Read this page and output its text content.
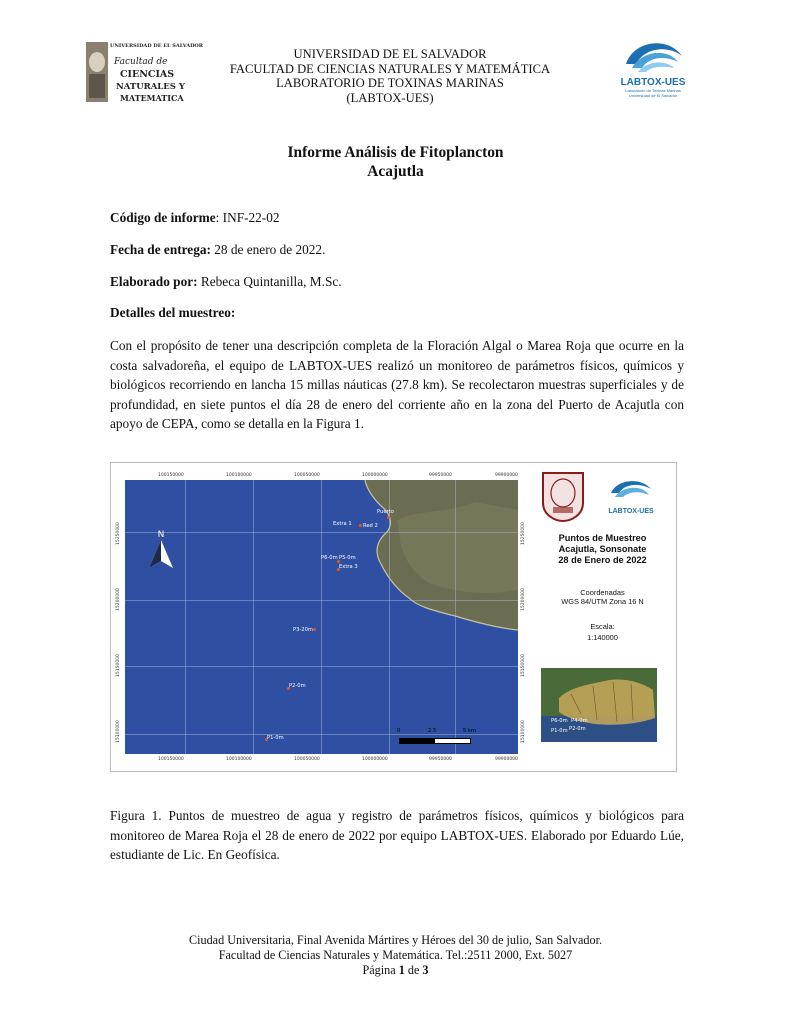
UNIVERSIDAD DE EL SALVADOR
Facultad de
CIENCIAS
NATURALES Y
MATEMATICA
UNIVERSIDAD DE EL SALVADOR
FACULTAD DE CIENCIAS NATURALES Y MATEMÁTICA
LABORATORIO DE TOXINAS MARINAS
(LABTOX-UES)
LABTOX-UES
Laboratorio de Toxinas Marinas
Universidad de El Salvador
Informe Análisis de Fitoplancton
Acajutla
Código de informe: INF-22-02
Fecha de entrega: 28 de enero de 2022.
Elaborado por: Rebeca Quintanilla, M.Sc.
Detalles del muestreo:
Con el propósito de tener una descripción completa de la Floración Algal o Marea Roja que ocurre en la costa salvadoreña, el equipo de LABTOX-UES realizó un monitoreo de parámetros físicos, químicos y biológicos recorriendo en lancha 15 millas náuticas (27.8 km). Se recolectaron muestras superficiales y de profundidad, en siete puntos el día 28 de enero del corriente año en la zona del Puerto de Acajutla con apoyo de CEPA, como se detalla en la Figura 1.
100150000	100100000	100050000	100000000	99950000	99900000
100150000	100100000	100050000	100000000	99950000	99900000
15250000
15200000
15150000
15100000
15250000
15200000
15150000
15100000
N
Extra 1 Red 2
Puerto
P6-0m P5-0m
Extra 3
P3-20m
P2-0m
P1-0m
0	2.5	5 km
LABTOX-UES
Puntos de Muestreo
Acajutla, Sonsonate
28 de Enero de 2022
Coordenadas
WGS 84/UTM Zona 16 N
Escala:
1:140000
P6-0m P4-0m
P1-0m P2-0m
Figura 1. Puntos de muestreo de agua y registro de parámetros físicos, químicos y biológicos para monitoreo de Marea Roja el 28 de enero de 2022 por equipo LABTOX-UES. Elaborado por Eduardo Lúe, estudiante de Lic. En Geofísica.
Ciudad Universitaria, Final Avenida Mártires y Héroes del 30 de julio, San Salvador.
Facultad de Ciencias Naturales y Matemática. Tel.:2511 2000, Ext. 5027
Página 1 de 3
